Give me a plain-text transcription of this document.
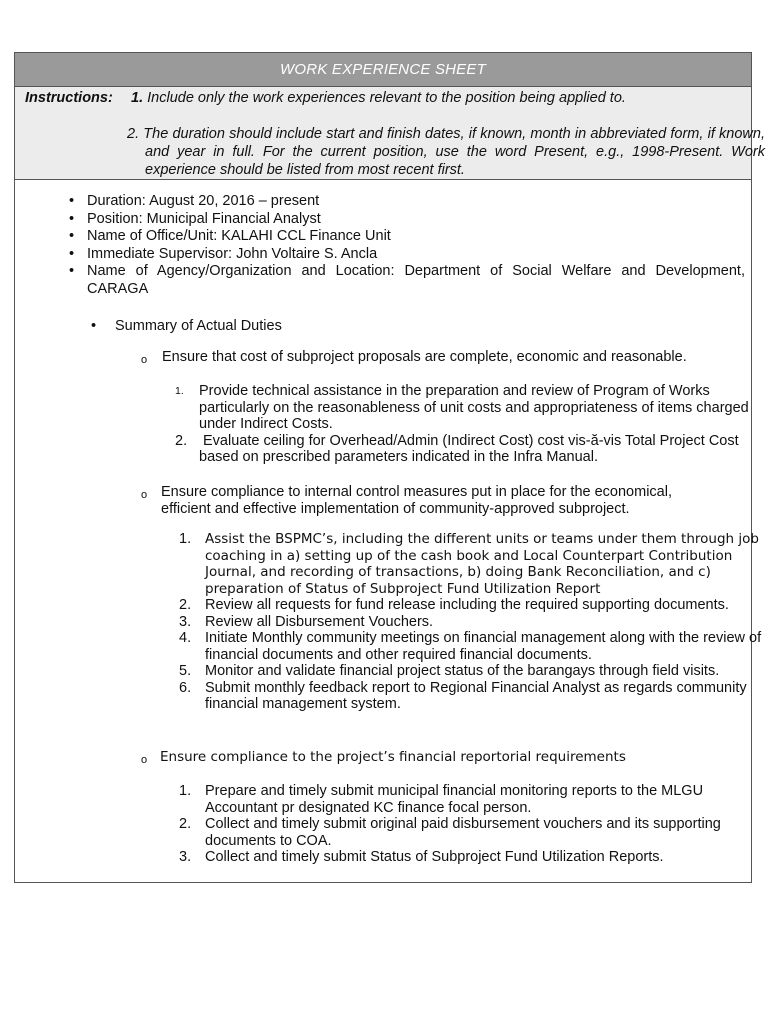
WORK EXPERIENCE SHEET
Instructions: 1. Include only the work experiences relevant to the position being applied to.
2. The duration should include start and finish dates, if known, month in abbreviated form, if known, and year in full. For the current position, use the word Present, e.g., 1998-Present. Work experience should be listed from most recent first.
• Duration: August 20, 2016 – present
• Position: Municipal Financial Analyst
• Name of Office/Unit: KALAHI CCL Finance Unit
• Immediate Supervisor: John Voltaire S. Ancla
• Name of Agency/Organization and Location: Department of Social Welfare and Development, CARAGA
• Summary of Actual Duties
o Ensure that cost of subproject proposals are complete, economic and reasonable.
1. Provide technical assistance in the preparation and review of Program of Works particularly on the reasonableness of unit costs and appropriateness of items charged under Indirect Costs.
2. Evaluate ceiling for Overhead/Admin (Indirect Cost) cost vis-ă-vis Total Project Cost based on prescribed parameters indicated in the Infra Manual.
o Ensure compliance to internal control measures put in place for the economical, efficient and effective implementation of community-approved subproject.
1. Assist the BSPMC’s, including the different units or teams under them through job coaching in a) setting up of the cash book and Local Counterpart Contribution Journal, and recording of transactions, b) doing Bank Reconciliation, and c) preparation of Status of Subproject Fund Utilization Report
2. Review all requests for fund release including the required supporting documents.
3. Review all Disbursement Vouchers.
4. Initiate Monthly community meetings on financial management along with the review of financial documents and other required financial documents.
5. Monitor and validate financial project status of the barangays through field visits.
6. Submit monthly feedback report to Regional Financial Analyst as regards community financial management system.
o Ensure compliance to the project’s financial reportorial requirements
1. Prepare and timely submit municipal financial monitoring reports to the MLGU Accountant pr designated KC finance focal person.
2. Collect and timely submit original paid disbursement vouchers and its supporting documents to COA.
3. Collect and timely submit Status of Subproject Fund Utilization Reports.
